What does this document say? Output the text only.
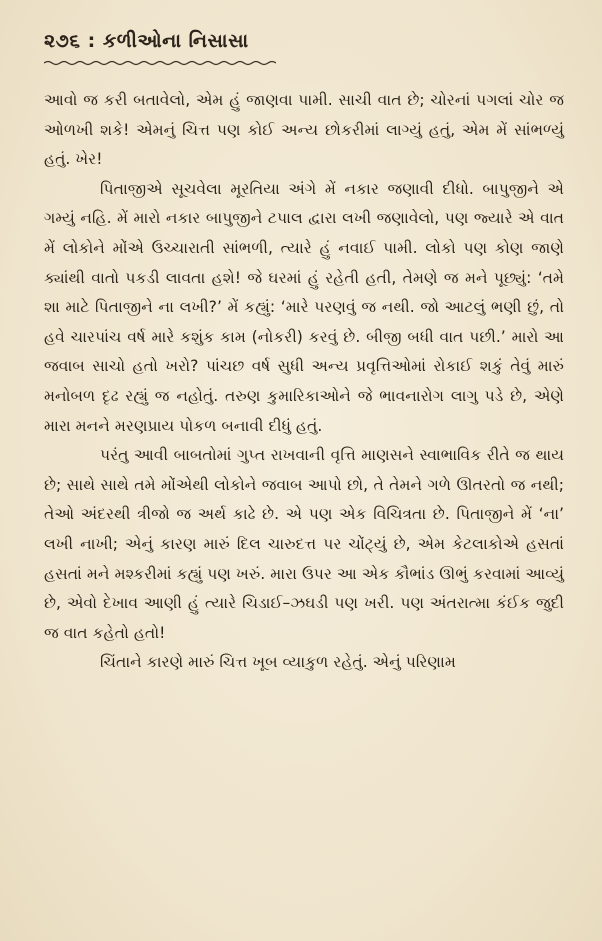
૨૭૬ : કળીઓના નિસાસા

આવો જ કરી બતાવેલો, એમ હું જાણવા પામી. સાચી વાત છે; ચોરનાં પગલાં ચોર જ ઓળખી શકે! એમનું ચિત્ત પણ કોઈ અન્ય છોકરીમાં લાગ્યું હતું, એમ મેં સાંભળ્યું હતું. ખેર!

પિતાજીએ સૂચવેલા મૂરતિયા અંગે મેં નકાર જણાવી દીધો. બાપુજીને એ ગમ્યું નહિ. મેં મારો નકાર બાપુજીને ટપાલ દ્વારા લખી જણાવેલો, પણ જ્યારે એ વાત મેં લોકોને મોંએ ઉચ્ચારાતી સાંભળી, ત્યારે હું નવાઈ પામી. લોકો પણ કોણ જાણે ક્યાંથી વાતો પકડી લાવતા હશે! જે ઘરમાં હું રહેતી હતી, તેમણે જ મને પૂછ્યું: ‘તમે શા માટે પિતાજીને ના લખી?’ મેં કહ્યું: ‘મારે પરણવું જ નથી. જો આટલું ભણી છું, તો હવે ચારપાંચ વર્ષ મારે કશુંક કામ (નોકરી) કરવું છે. બીજી બધી વાત પછી.’ મારો આ જવાબ સાચો હતો ખરો? પાંચછ વર્ષ સુધી અન્ય પ્રવૃત્તિઓમાં રોકાઈ શકું તેવું મારું મનોબળ દૃઢ રહ્યું જ નહોતું. તરુણ કુમારિકાઓને જે ભાવનારોગ લાગુ પડે છે, એણે મારા મનને મરણપ્રાય પોકળ બનાવી દીધું હતું.

પરંતુ આવી બાબતોમાં ગુપ્ત રાખવાની વૃત્તિ માણસને સ્વાભાવિક રીતે જ થાય છે; સાથે સાથે તમે મોંએથી લોકોને જવાબ આપો છો, તે તેમને ગળે ઊતરતો જ નથી; તેઓ અંદરથી ત્રીજો જ અર્થ કાઢે છે. એ પણ એક વિચિત્રતા છે. પિતાજીને મેં ‘ના’ લખી નાખી; એનું કારણ મારું દિલ ચારુદત્ત પર ચોંટ્યું છે, એમ કેટલાકોએ હસતાં હસતાં મને મશ્કરીમાં કહ્યું પણ ખરું. મારા ઉપર આ એક કૌભાંડ ઊભું કરવામાં આવ્યું છે, એવો દેખાવ આણી હું ત્યારે ચિડાઈ–ઝઘડી પણ ખરી. પણ અંતરાત્મા કંઈક જુદી જ વાત કહેતો હતો!

ચિંતાને કારણે મારું ચિત્ત ખૂબ વ્યાકુળ રહેતું. એનું પરિણામ
